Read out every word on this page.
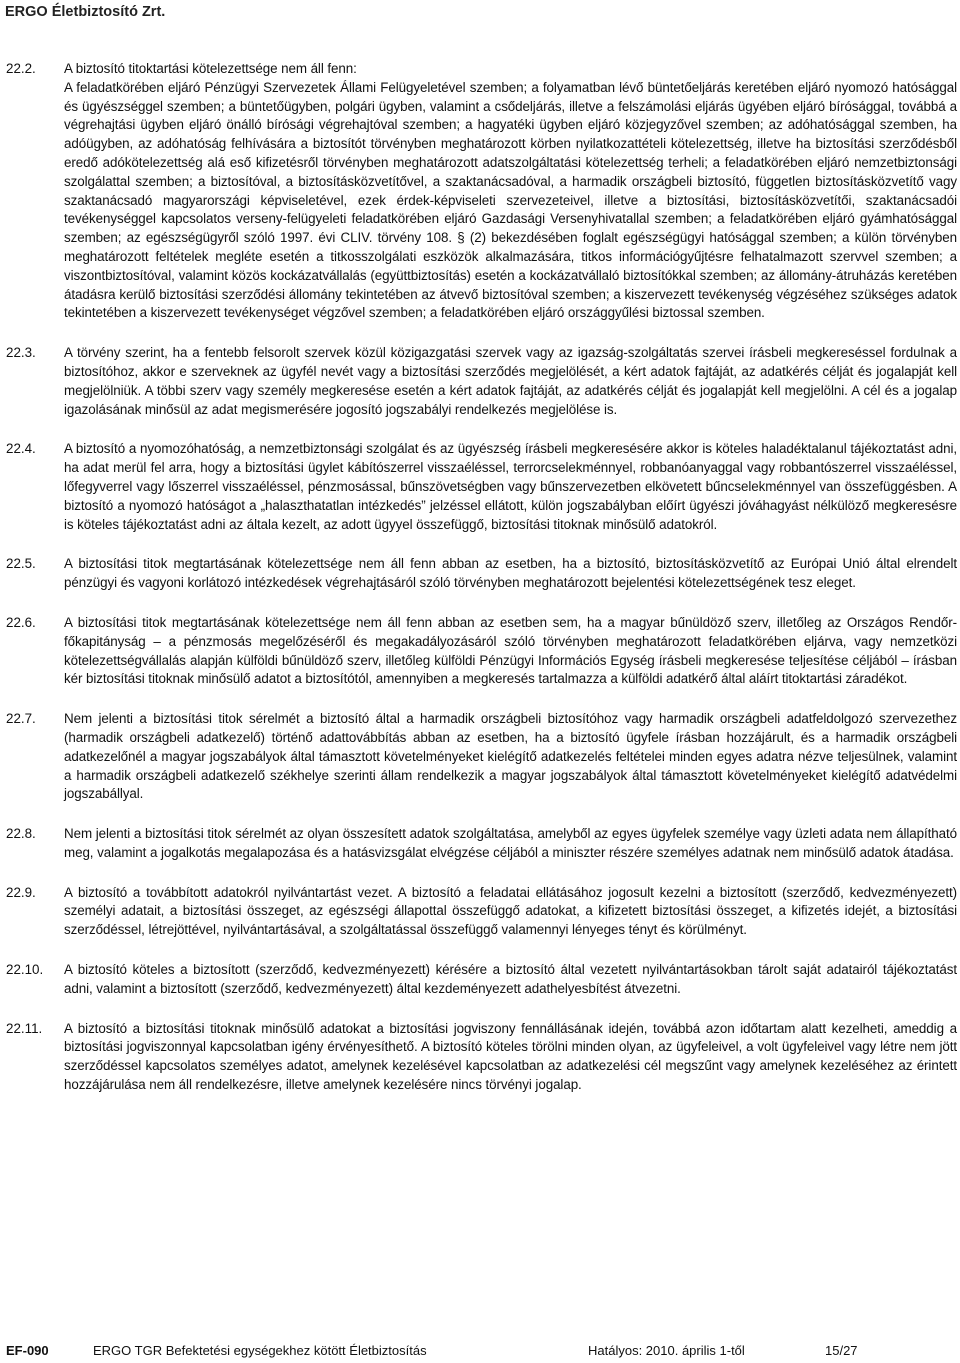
ERGO Életbiztosító Zrt.
22.2.	A biztosító titoktartási kötelezettsége nem áll fenn:

A feladatkörében eljáró Pénzügyi Szervezetek Állami Felügyeletével szemben; a folyamatban lévő büntetőeljárás keretében eljáró nyomozó hatósággal és ügyészséggel szemben; a büntetőügyben, polgári ügyben, valamint a csődeljárás, illetve a felszámolási eljárás ügyében eljáró bírósággal, továbbá a végrehajtási ügyben eljáró önálló bírósági végrehajtóval szemben; a hagyatéki ügyben eljáró közjegyzővel szemben; az adóhatósággal szemben, ha adóügyben, az adóhatóság felhívására a biztosítót törvényben meghatározott körben nyilatkozattételi kötelezettség, illetve ha biztosítási szerződésből eredő adókötelezettség alá eső kifizetésről törvényben meghatározott adatszolgáltatási kötelezettség terheli; a feladatkörében eljáró nemzetbiztonsági szolgálattal szemben; a biztosítóval, a biztosításközvetítővel, a szaktanácsadóval, a harmadik országbeli biztosító, független biztosításközvetítő vagy szaktanácsadó magyarországi képviseletével, ezek érdek-képviseleti szervezeteivel, illetve a biztosítási, biztosításközvetítői, szaktanácsadói tevékenységgel kapcsolatos verseny-felügyeleti feladatkörében eljáró Gazdasági Versenyhivatallal szemben; a feladatkörében eljáró gyámhatósággal szemben; az egészségügyről szóló 1997. évi CLIV. törvény 108. § (2) bekezdésében foglalt egészségügyi hatósággal szemben; a külön törvényben meghatározott feltételek megléte esetén a titkosszolgálati eszközök alkalmazására, titkos információgyűjtésre felhatalmazott szervvel szemben; a viszontbiztosítóval, valamint közös kockázatvállalás (együttbiztosítás) esetén a kockázatvállaló biztosítókkal szemben; az állomány-átruházás keretében átadásra kerülő biztosítási szerződési állomány tekintetében az átvevő biztosítóval szemben; a kiszervezett tevékenység végzéséhez szükséges adatok tekintetében a kiszervezett tevékenységet végzővel szemben; a feladatkörében eljáró országgyűlési biztossal szemben.

22.3.	A törvény szerint, ha a fentebb felsorolt szervek közül közigazgatási szervek vagy az igazság-szolgáltatás szervei írásbeli megkereséssel fordulnak a biztosítóhoz, akkor e szerveknek az ügyfél nevét vagy a biztosítási szerződés megjelölését, a kért adatok fajtáját, az adatkérés célját és jogalapját kell megjelölniük. A többi szerv vagy személy megkeresése esetén a kért adatok fajtáját, az adatkérés célját és jogalapját kell megjelölni. A cél és a jogalap igazolásának minősül az adat megismerésére jogosító jogszabályi rendelkezés megjelölése is.

22.4.	A biztosító a nyomozóhatóság, a nemzetbiztonsági szolgálat és az ügyészség írásbeli megkeresésére akkor is köteles haladéktalanul tájékoztatást adni, ha adat merül fel arra, hogy a biztosítási ügylet kábítószerrel visszaéléssel, terrorcselekménnyel, robbanóanyaggal vagy robbantószerrel visszaéléssel, lőfegyverrel vagy lőszerrel visszaéléssel, pénzmosással, bűnszövetségben vagy bűnszervezetben elkövetett bűncselekménnyel van összefüggésben. A biztosító a nyomozó hatóságot a „halaszthatatlan intézkedés” jelzéssel ellátott, külön jogszabályban előírt ügyészi jóváhagyást nélkülöző megkeresésre is köteles tájékoztatást adni az általa kezelt, az adott ügyyel összefüggő, biztosítási titoknak minősülő adatokról.

22.5.	A biztosítási titok megtartásának kötelezettsége nem áll fenn abban az esetben, ha a biztosító, biztosításközvetítő az Európai Unió által elrendelt pénzügyi és vagyoni korlátozó intézkedések végrehajtásáról szóló törvényben meghatározott bejelentési kötelezettségének tesz eleget.

22.6.	A biztosítási titok megtartásának kötelezettsége nem áll fenn abban az esetben sem, ha a magyar bűnüldöző szerv, illetőleg az Országos Rendőr-főkapitányság – a pénzmosás megelőzéséről és megakadályozásáról szóló törvényben meghatározott feladatkörében eljárva, vagy nemzetközi kötelezettségvállalás alapján külföldi bűnüldöző szerv, illetőleg külföldi Pénzügyi Információs Egység írásbeli megkeresése teljesítése céljából – írásban kér biztosítási titoknak minősülő adatot a biztosítótól, amennyiben a megkeresés tartalmazza a külföldi adatkérő által aláírt titoktartási záradékot.

22.7.	Nem jelenti a biztosítási titok sérelmét a biztosító által a harmadik országbeli biztosítóhoz vagy harmadik országbeli adatfeldolgozó szervezethez (harmadik országbeli adatkezelő) történő adattovábbítás abban az esetben, ha a biztosító ügyfele írásban hozzájárult, és a harmadik országbeli adatkezelőnél a magyar jogszabályok által támasztott követelményeket kielégítő adatkezelés feltételei minden egyes adatra nézve teljesülnek, valamint a harmadik országbeli adatkezelő székhelye szerinti állam rendelkezik a magyar jogszabályok által támasztott követelményeket kielégítő adatvédelmi jogszabállyal.

22.8.	Nem jelenti a biztosítási titok sérelmét az olyan összesített adatok szolgáltatása, amelyből az egyes ügyfelek személye vagy üzleti adata nem állapítható meg, valamint a jogalkotás megalapozása és a hatásvizsgálat elvégzése céljából a miniszter részére személyes adatnak nem minősülő adatok átadása.

22.9.	A biztosító a továbbított adatokról nyilvántartást vezet. A biztosító a feladatai ellátásához jogosult kezelni a biztosított (szerződő, kedvezményezett) személyi adatait, a biztosítási összeget, az egészségi állapottal összefüggő adatokat, a kifizetett biztosítási összeget, a kifizetés idejét, a biztosítási szerződéssel, létrejöttével, nyilvántartásával, a szolgáltatással összefüggő valamennyi lényeges tényt és körülményt.

22.10.	A biztosító köteles a biztosított (szerződő, kedvezményezett) kérésére a biztosító által vezetett nyilvántartásokban tárolt saját adatairól tájékoztatást adni, valamint a biztosított (szerződő, kedvezményezett) által kezdeményezett adathelyesbítést átvezetni.

22.11.	A biztosító a biztosítási titoknak minősülő adatokat a biztosítási jogviszony fennállásának idején, továbbá azon időtartam alatt kezelheti, ameddig a biztosítási jogviszonnyal kapcsolatban igény érvényesíthető. A biztosító köteles törölni minden olyan, az ügyfeleivel, a volt ügyfeleivel vagy létre nem jött szerződéssel kapcsolatos személyes adatot, amelynek kezelésével kapcsolatban az adatkezelési cél megszűnt vagy amelynek kezeléséhez az érintett hozzájárulása nem áll rendelkezésre, illetve amelynek kezelésére nincs törvényi jogalap.

EF-090	ERGO TGR Befektetési egységekhez kötött Életbiztosítás	Hatályos: 2010. április 1-től	15/27
